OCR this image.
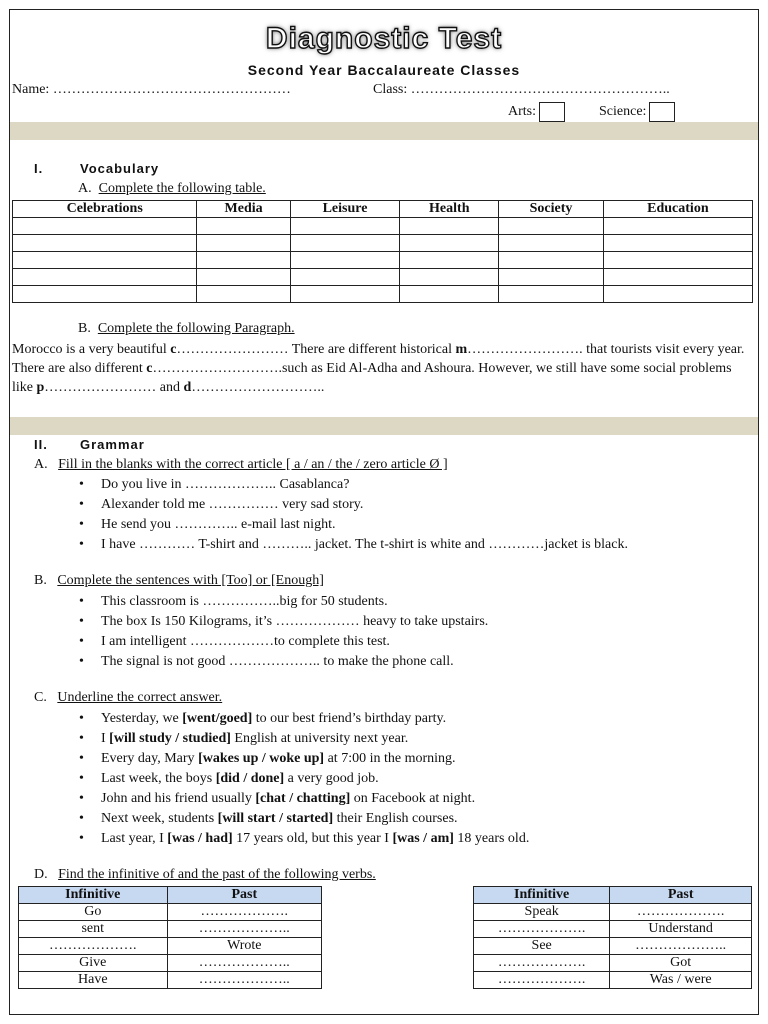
Diagnostic Test
Second Year Baccalaureate Classes
Name: ……………………………………………	Class: ………………………………………………..
Arts:	Science:
I.	Vocabulary
A. Complete the following table.
Celebrations	Media	Leisure	Health	Society	Education

B. Complete the following Paragraph.
Morocco is a very beautiful c…………………… There are different historical m……………………. that tourists visit every year.
There are also different c……………………….such as Eid Al-Adha and Ashoura. However, we still have some social problems
like p…………………… and d………………………..
II. Grammar
A. Fill in the blanks with the correct article [ a / an / the / zero article Ø ]
• Do you live in ……………….. Casablanca?
• Alexander told me …………… very sad story.
• He send you ………….. e-mail last night.
• I have ………… T-shirt and ……….. jacket. The t-shirt is white and …………jacket is black.
B. Complete the sentences with [Too] or [Enough]
• This classroom is ……………..big for 50 students.
• The box Is 150 Kilograms, it’s ……………… heavy to take upstairs.
• I am intelligent ………………to complete this test.
• The signal is not good ……………….. to make the phone call.
C. Underline the correct answer.
• Yesterday, we [went/goed] to our best friend’s birthday party.
• I [will study / studied] English at university next year.
• Every day, Mary [wakes up / woke up] at 7:00 in the morning.
• Last week, the boys [did / done] a very good job.
• John and his friend usually [chat / chatting] on Facebook at night.
• Next week, students [will start / started] their English courses.
• Last year, I [was / had] 17 years old, but this year I [was / am] 18 years old.
D. Find the infinitive of and the past of the following verbs.
Infinitive	Past
Go	……………….
sent	………………..
……………….	Wrote
Give	………………..
Have	………………..
Infinitive	Past
Speak	……………….
……………….	Understand
See	………………..
……………….	Got
……………….	Was / were
